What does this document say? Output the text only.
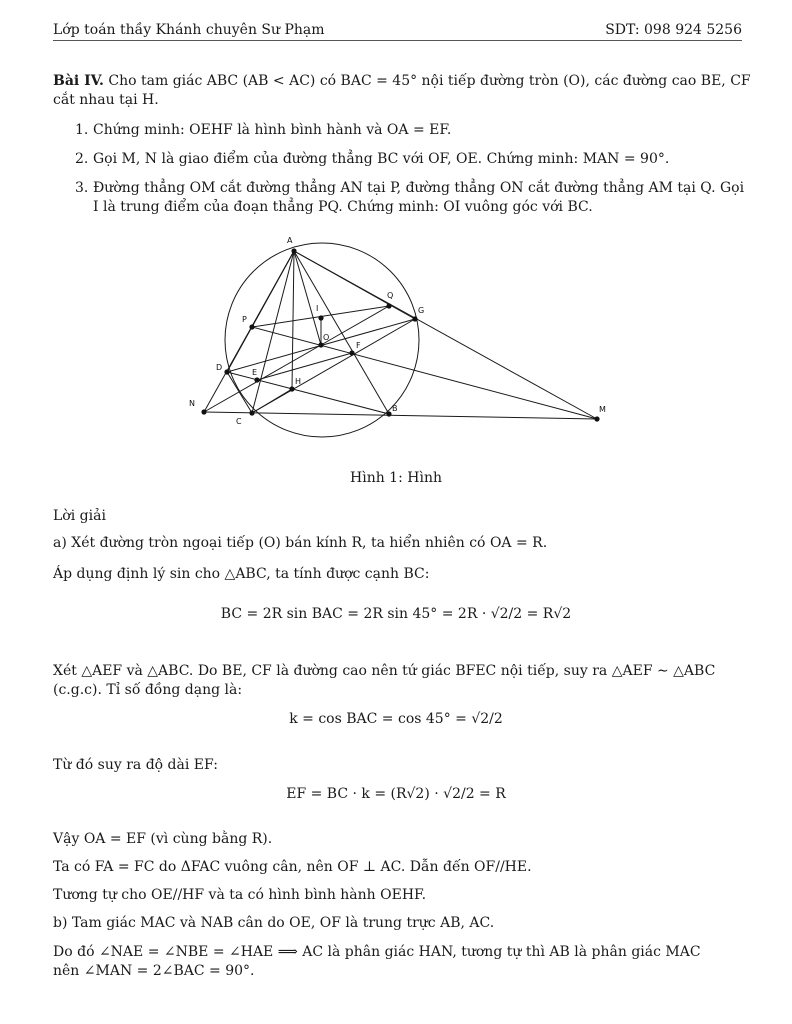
Lớp toán thầy Khánh chuyên Sư Phạm	SDT: 098 924 5256
Bài IV. Cho tam giác ABC (AB < AC) có BAC = 45° nội tiếp đường tròn (O), các đường cao BE, CF
cắt nhau tại H.
1. Chứng minh: OEHF là hình bình hành và OA = EF.
2. Gọi M, N là giao điểm của đường thẳng BC với OF, OE. Chứng minh: MAN = 90°.
3. Đường thẳng OM cắt đường thẳng AN tại P, đường thẳng ON cắt đường thẳng AM tại Q. Gọi
I là trung điểm của đoạn thẳng PQ. Chứng minh: OI vuông góc với BC.
A
P
I
Q
G
O
F
D
E
H
N
C
B	M
Hình 1: Hình
Lời giải
a) Xét đường tròn ngoại tiếp (O) bán kính R, ta hiển nhiên có OA = R.
Áp dụng định lý sin cho △ABC, ta tính được cạnh BC:
BC = 2R sin BAC = 2R sin 45° = 2R · √2/2 = R√2
Xét △AEF và △ABC. Do BE, CF là đường cao nên tứ giác BFEC nội tiếp, suy ra △AEF ∼ △ABC
(c.g.c). Tỉ số đồng dạng là:
k = cos BAC = cos 45° = √2/2
Từ đó suy ra độ dài EF:
EF = BC · k = (R√2) · √2/2 = R
Vậy OA = EF (vì cùng bằng R).
Ta có FA = FC do ΔFAC vuông cân, nên OF ⊥ AC. Dẫn đến OF//HE.
Tương tự cho OE//HF và ta có hình bình hành OEHF.
b) Tam giác MAC và NAB cân do OE, OF là trung trực AB, AC.
Do đó ∠NAE = ∠NBE = ∠HAE ⟹ AC là phân giác HAN, tương tự thì AB là phân giác MAC
nên ∠MAN = 2∠BAC = 90°.
